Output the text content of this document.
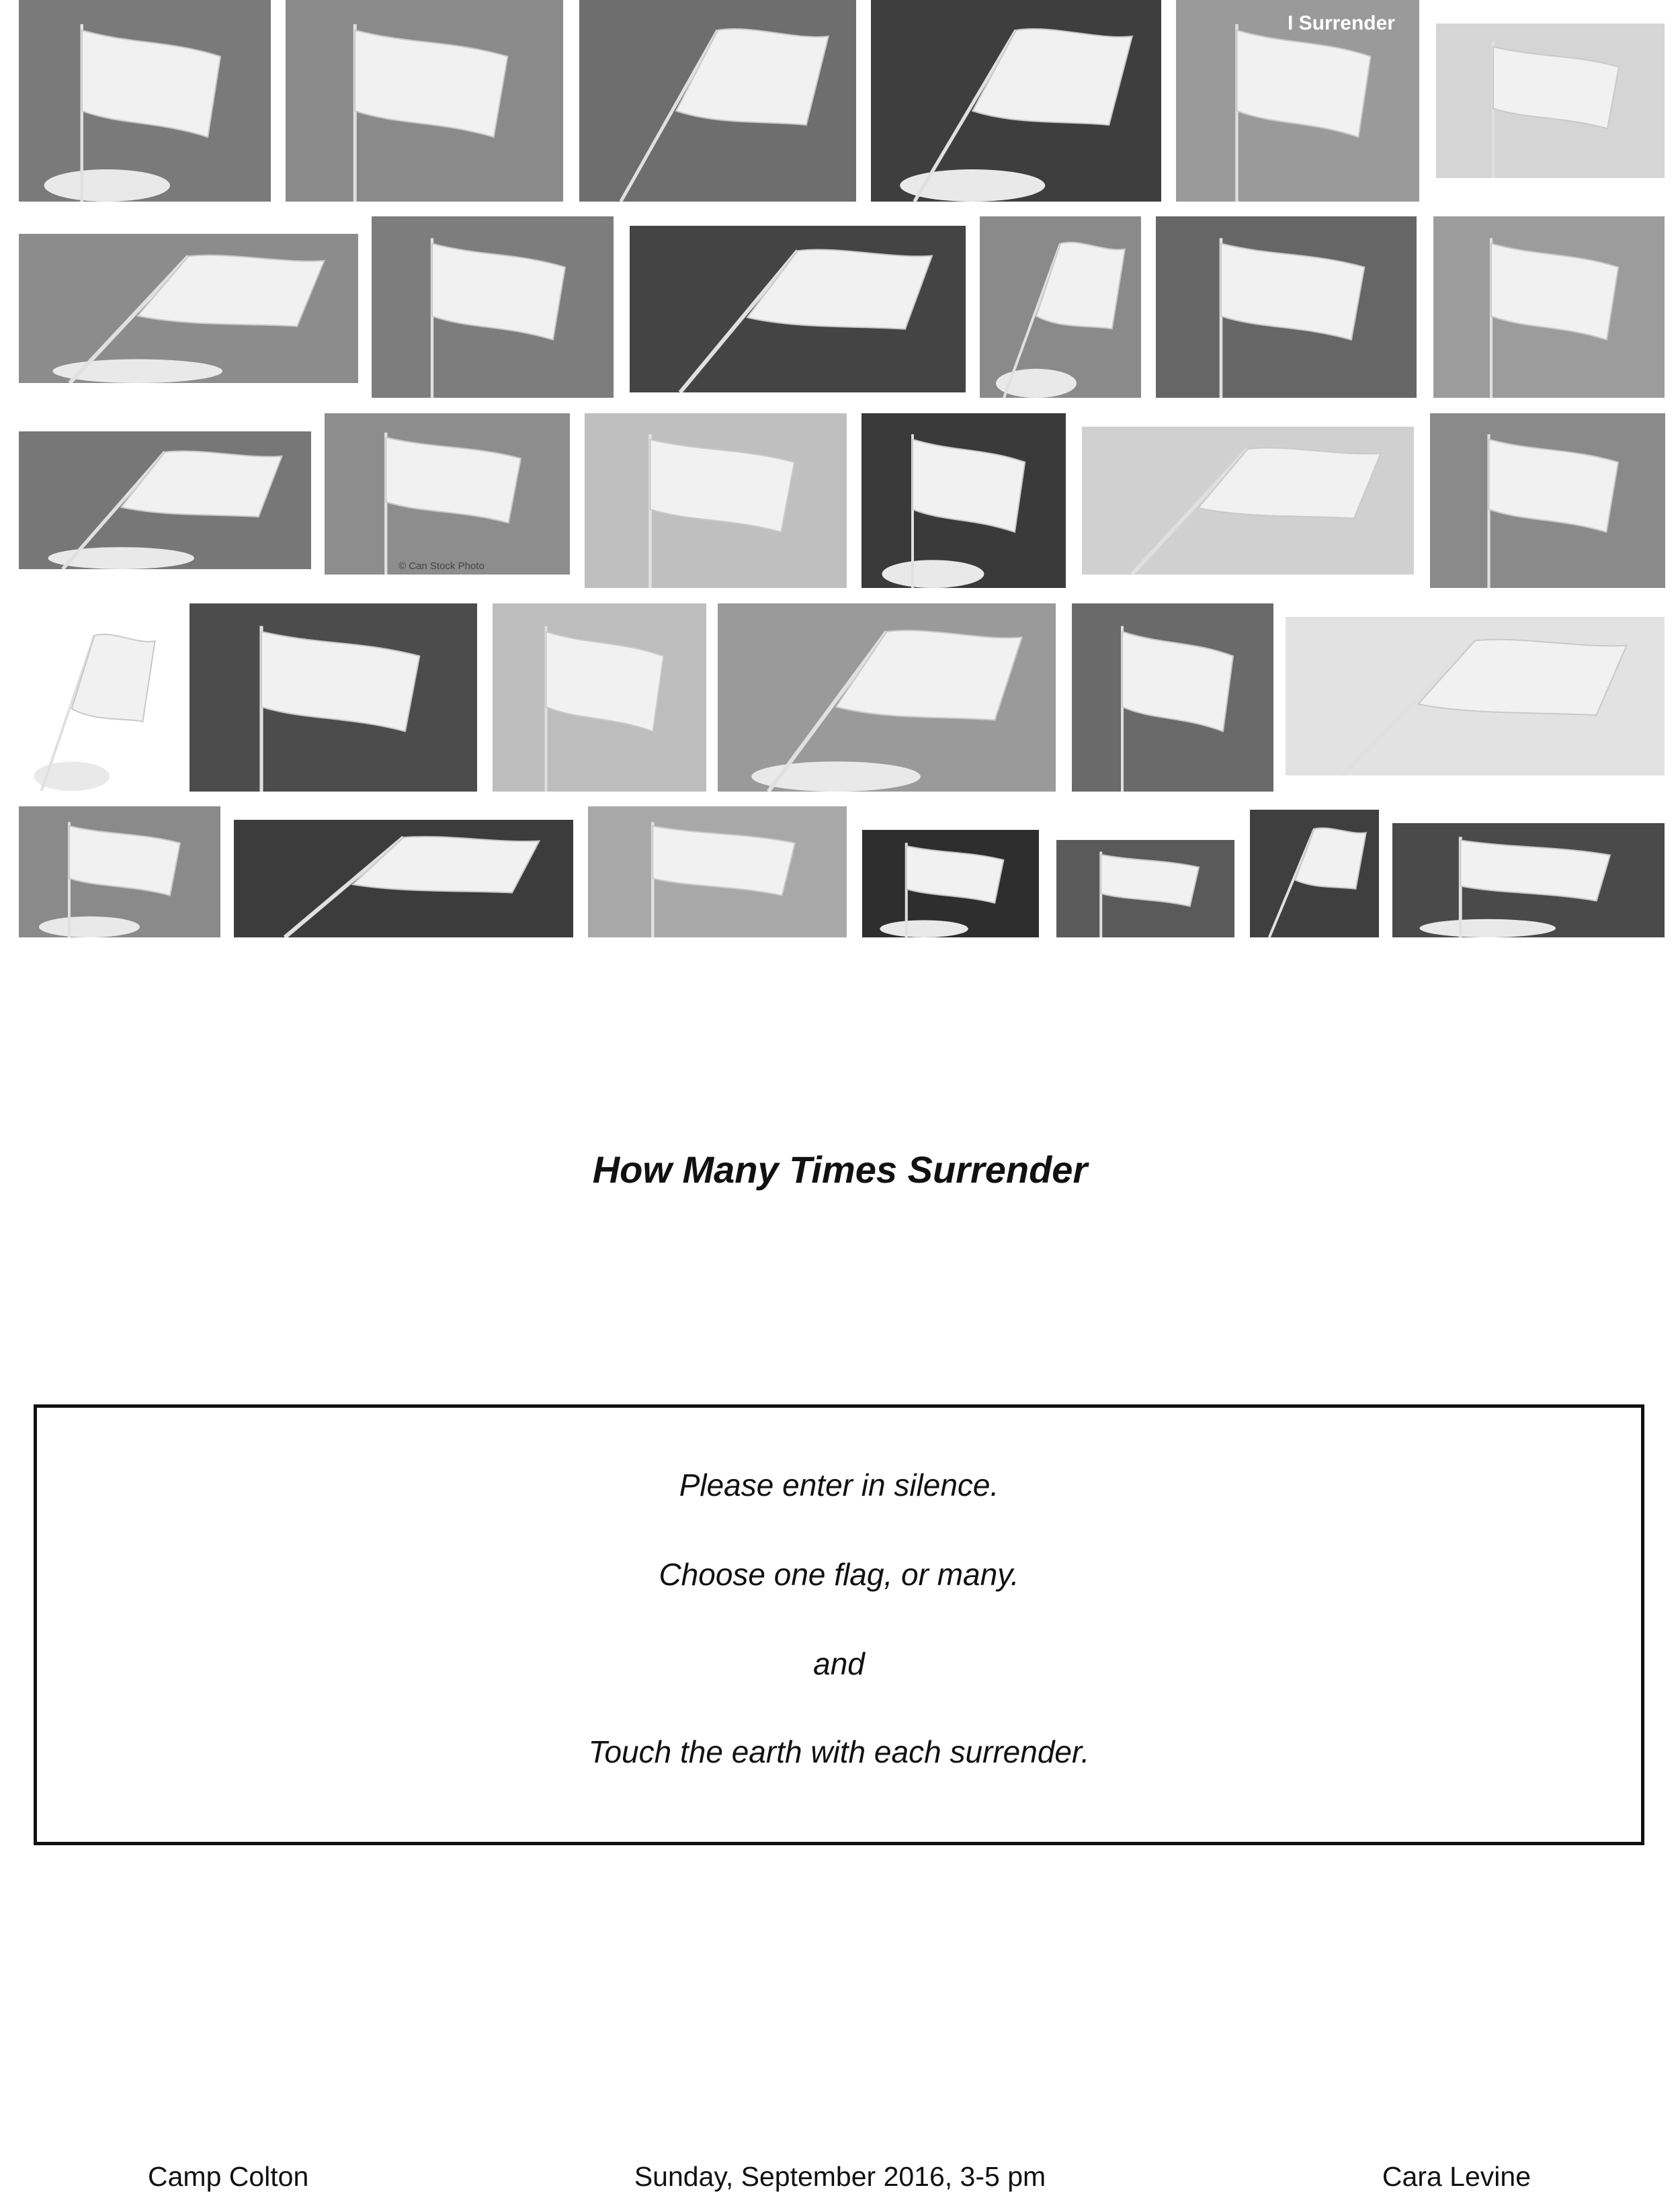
I Surrender
© Can Stock Photo
How Many Times Surrender
Please enter in silence.
Choose one flag, or many.
and
Touch the earth with each surrender.
Camp Colton	Sunday, September 2016, 3-5 pm	Cara Levine
